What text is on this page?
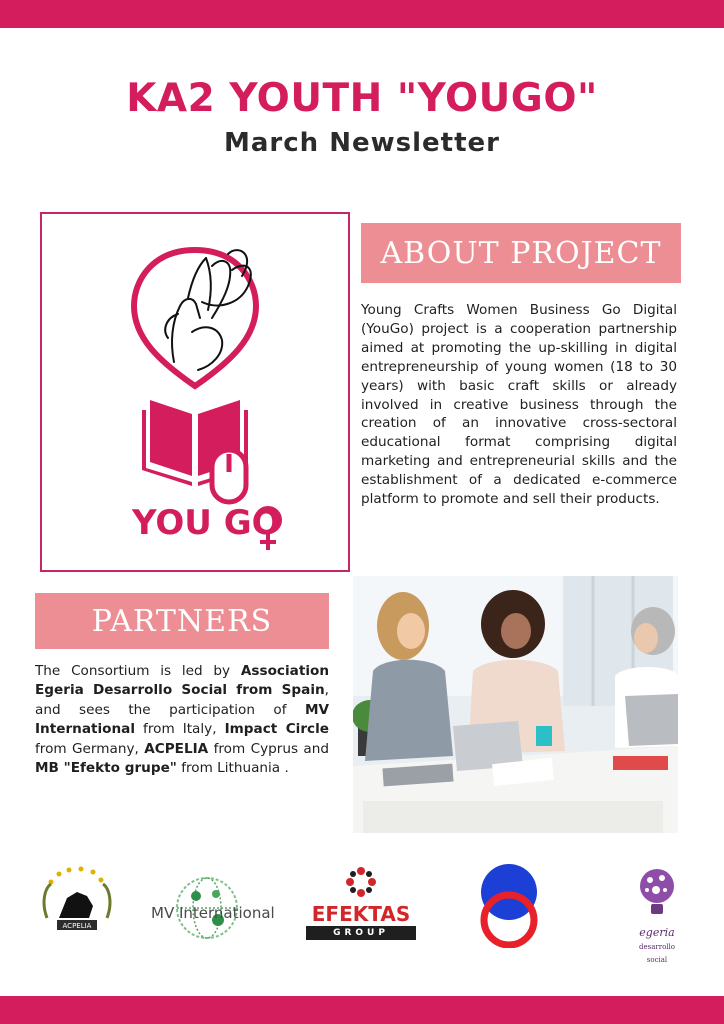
KA2 YOUTH "YOUGO"
March Newsletter
YOU GO
ABOUT PROJECT

Young Crafts Women Business Go Digital (YouGo) project is a cooperation partnership aimed at promoting the up-skilling in digital entrepreneurship of young women (18 to 30 years) with basic craft skills or already involved in creative business through the creation of an innovative cross-sectoral educational format comprising digital marketing and entrepreneurial skills and the establishment of a dedicated e-commerce platform to promote and sell their products.

PARTNERS

The Consortium is led by Association Egeria Desarrollo Social from Spain, and sees the participation of MV International from Italy, Impact Circle from Germany, ACPELIA from Cyprus and MB "Efekto grupe" from Lithuania .

ACPELIA
MV International	EFEKTAS
GROUP	egeria
desarrollo social
